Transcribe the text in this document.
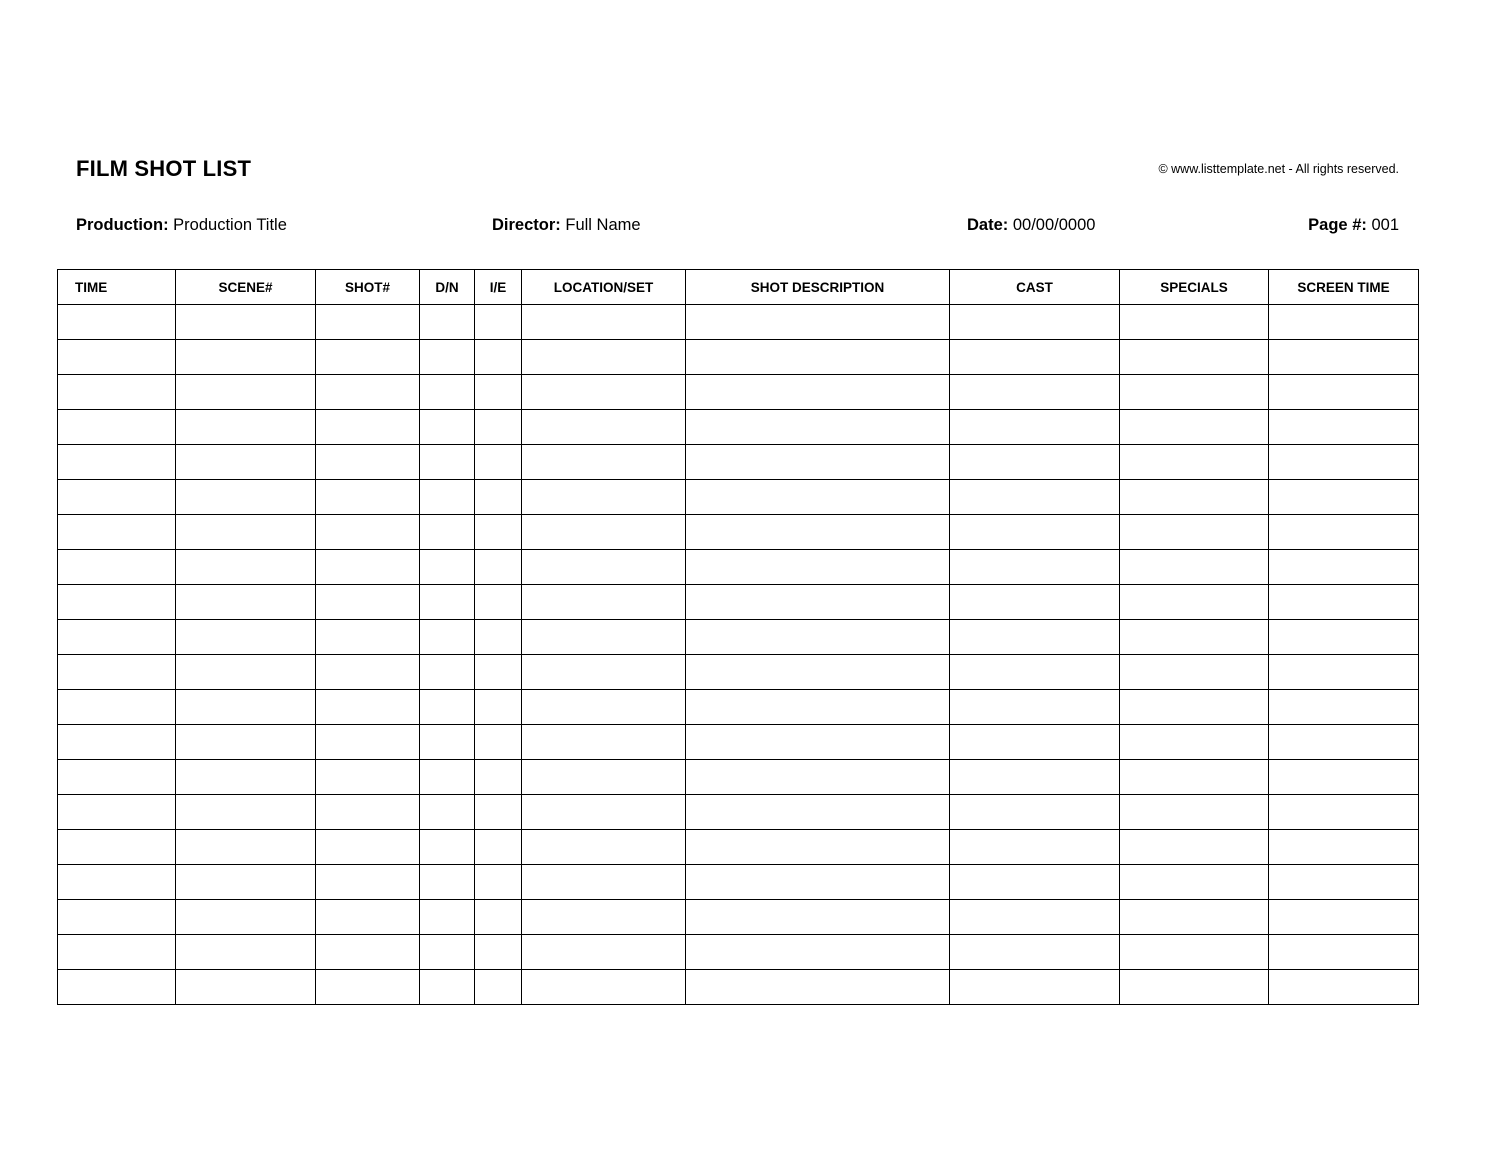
FILM SHOT LIST	© www.listtemplate.net - All rights reserved.
Production: Production Title	Director: Full Name	Date: 00/00/0000	Page #: 001
TIME	SCENE#	SHOT#	D/N	I/E	LOCATION/SET	SHOT DESCRIPTION	CAST	SPECIALS	SCREEN TIME
